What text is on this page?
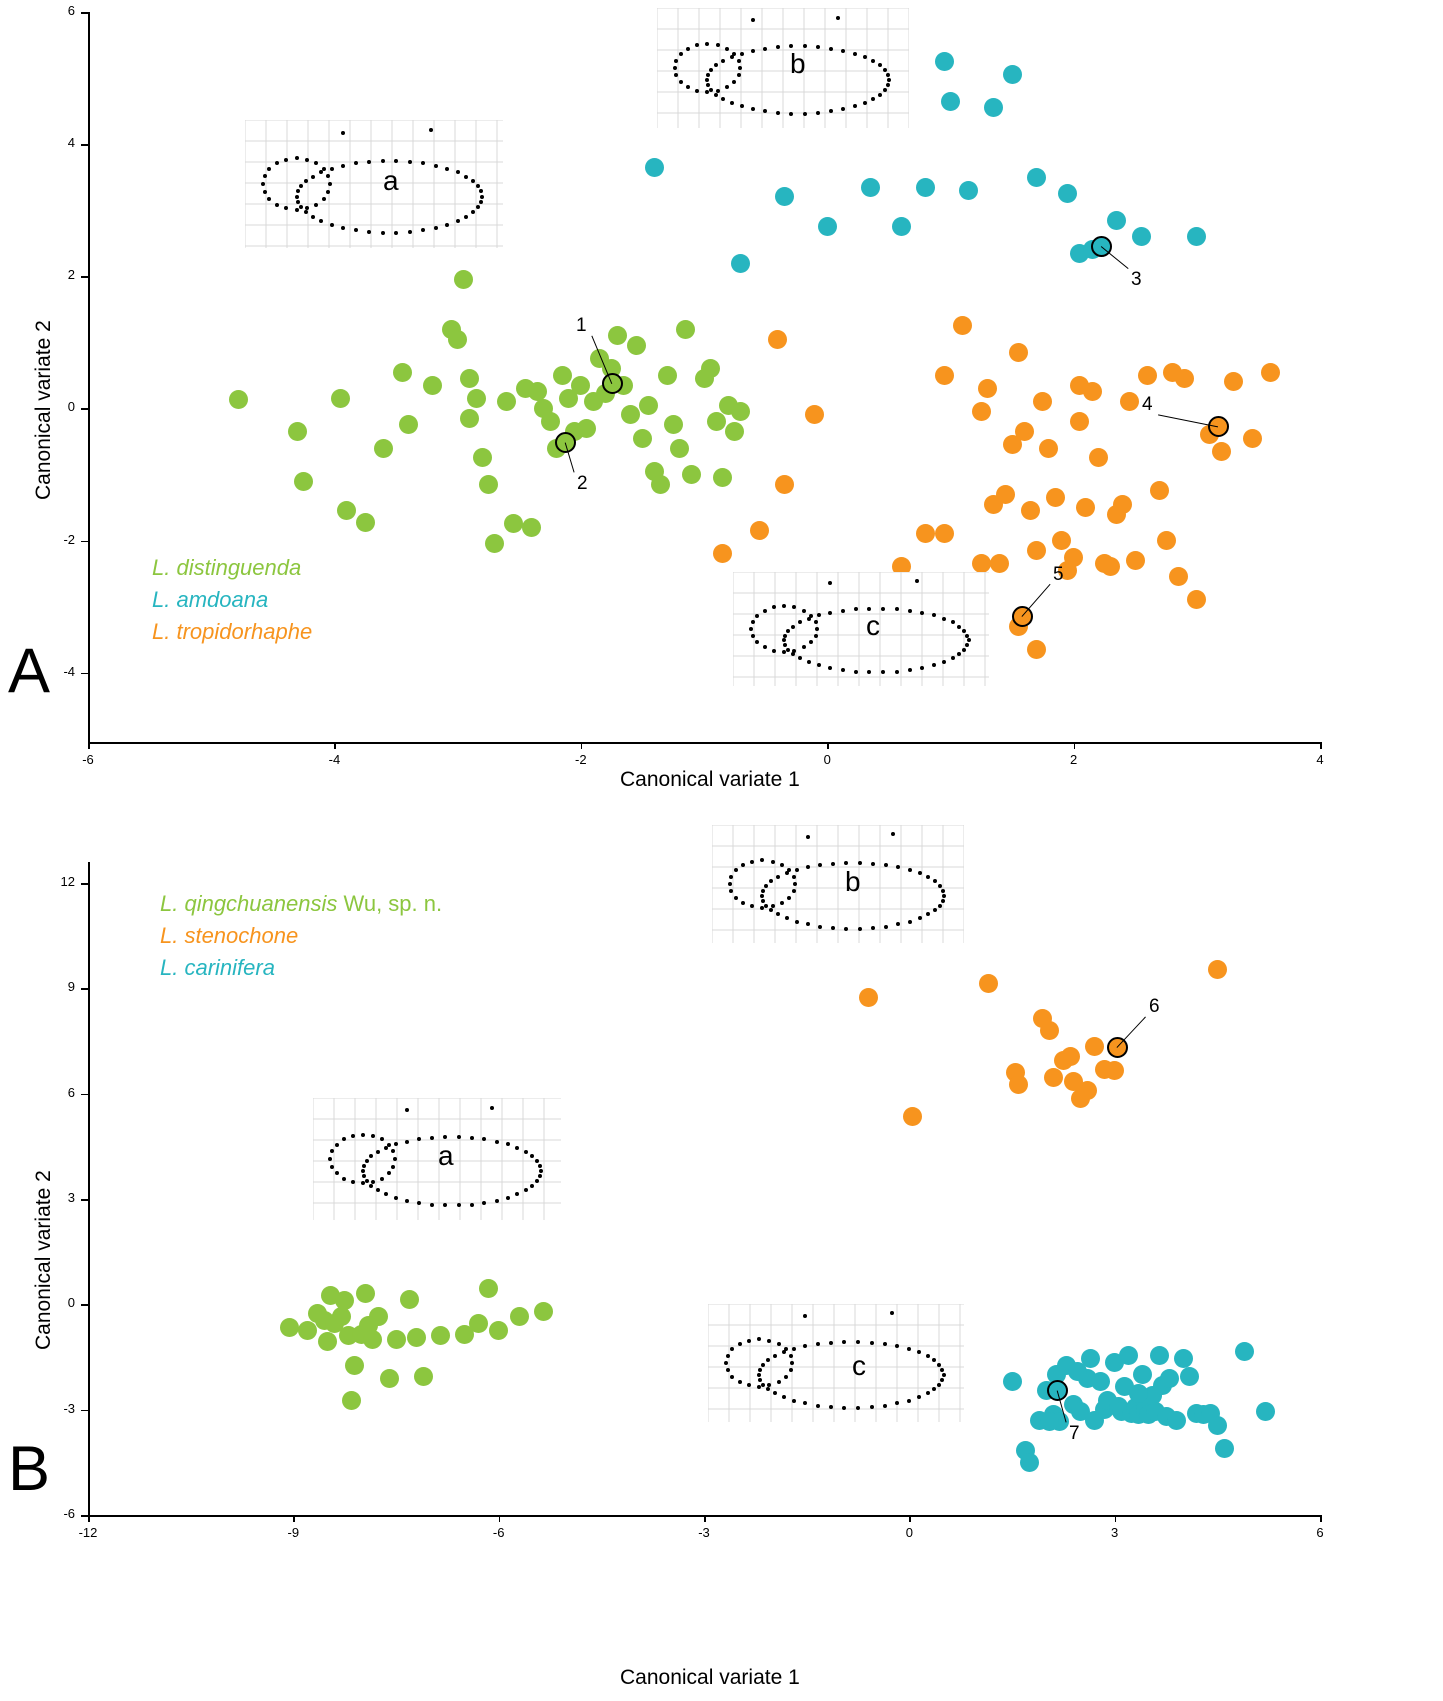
A
Canonical variate 1
Canonical variate 2
L. distinguenda
L. amdoana
L. tropidorhaphe
-6	-4	-2	0	2	4
-4
-2
0
2
4
6
1
2
3
4
5
a
b
c
B
Canonical variate 1
Canonical variate 2
L. qingchuanensis Wu, sp. n.
L. stenochone
L. carinifera
-12	-9	-6	-3	0	3	6
-6
-3
0
3
6
9
12
6
7
b
a
c
